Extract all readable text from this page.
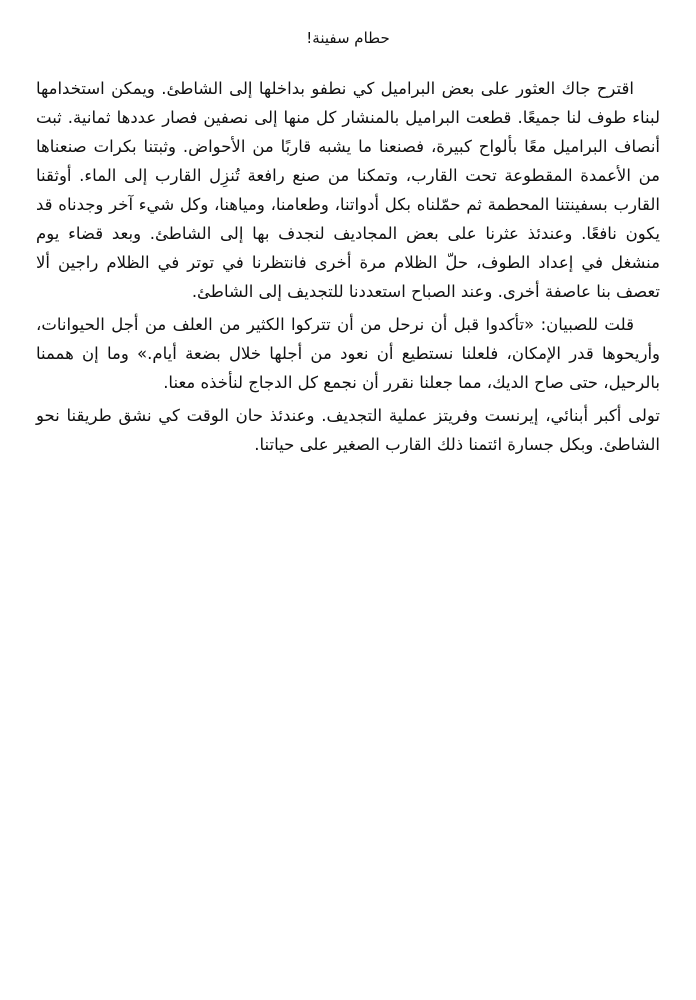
حطام سفينة!

اقترح جاك العثور على بعض البراميل كي نطفو بداخلها إلى الشاطئ. ويمكن استخدامها لبناء طوف لنا جميعًا. قطعت البراميل بالمنشار كل منها إلى نصفين فصار عددها ثمانية. ثبت أنصاف البراميل معًا بألواح كبيرة، فصنعنا ما يشبه قاربًا من الأحواض. وثبتنا بكرات صنعناها من الأعمدة المقطوعة تحت القارب، وتمكنا من صنع رافعة تُنزِل القارب إلى الماء. أوثقنا القارب بسفينتنا المحطمة ثم حمّلناه بكل أدواتنا، وطعامنا، ومياهنا، وكل شيء آخر وجدناه قد يكون نافعًا. وعندئذ عثرنا على بعض المجاديف لنجدف بها إلى الشاطئ. وبعد قضاء يوم منشغل في إعداد الطوف، حلّ الظلام مرة أخرى فانتظرنا في توتر في الظلام راجين ألا تعصف بنا عاصفة أخرى. وعند الصباح استعددنا للتجديف إلى الشاطئ.

قلت للصبيان: «تأكدوا قبل أن نرحل من أن تتركوا الكثير من العلف من أجل الحيوانات، وأريحوها قدر الإمكان، فلعلنا نستطيع أن نعود من أجلها خلال بضعة أيام.» وما إن هممنا بالرحيل، حتى صاح الديك، مما جعلنا نقرر أن نجمع كل الدجاج لنأخذه معنا.

تولى أكبر أبنائي، إيرنست وفريتز عملية التجديف. وعندئذ حان الوقت كي نشق طريقنا نحو الشاطئ. وبكل جسارة ائتمنا ذلك القارب الصغير على حياتنا.
